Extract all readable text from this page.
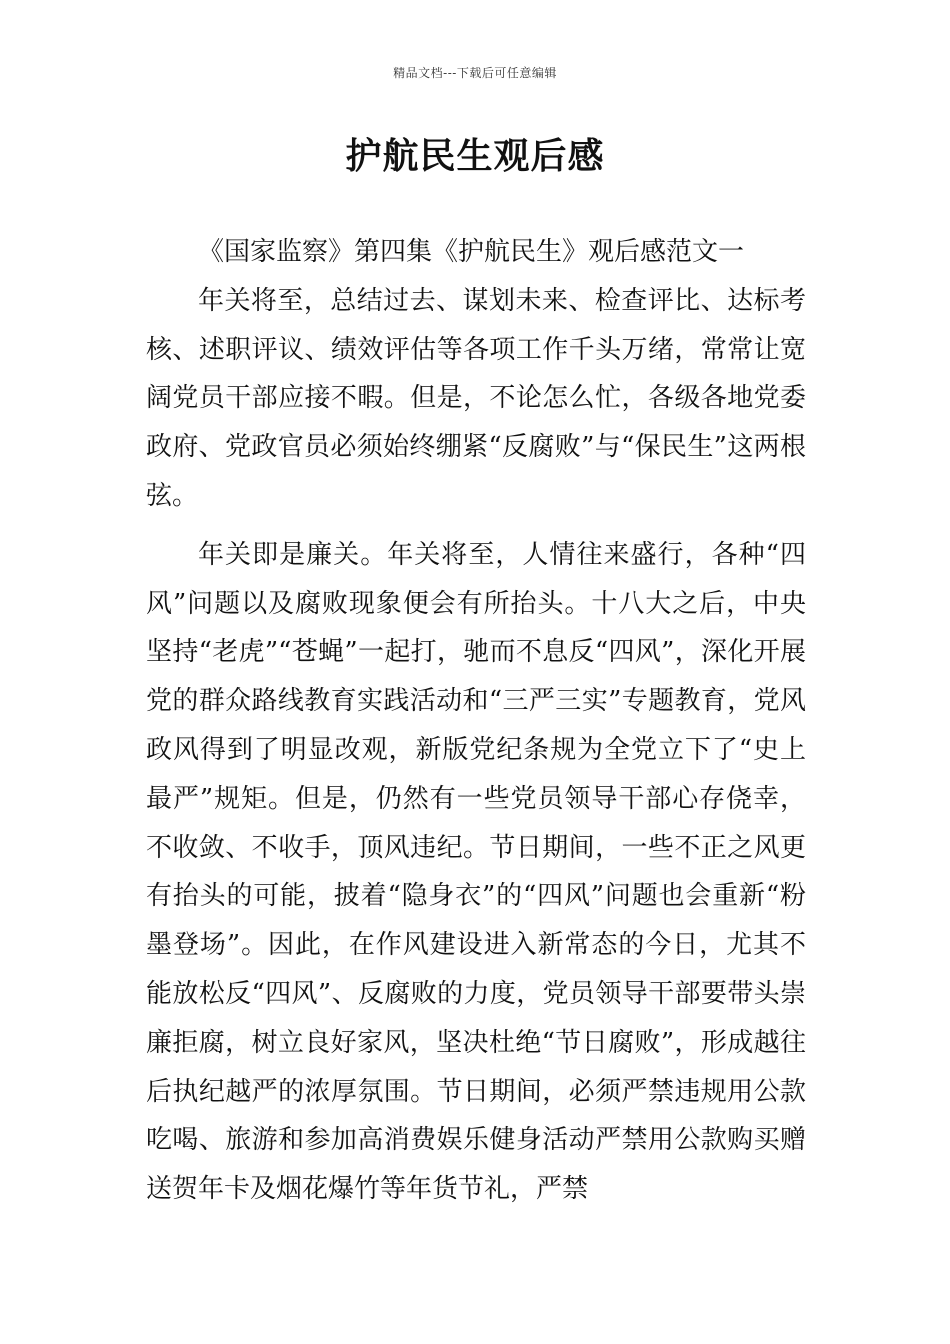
精品文档---下载后可任意编辑
护航民生观后感

《国家监察》第四集《护航民生》观后感范文一

年关将至，总结过去、谋划未来、检查评比、达标考核、述职评议、绩效评估等各项工作千头万绪，常常让宽阔党员干部应接不暇。但是，不论怎么忙，各级各地党委政府、党政官员必须始终绷紧“反腐败”与“保民生”这两根弦。

年关即是廉关。年关将至，人情往来盛行，各种“四风”问题以及腐败现象便会有所抬头。十八大之后，中央坚持“老虎”“苍蝇”一起打，驰而不息反“四风”，深化开展党的群众路线教育实践活动和“三严三实”专题教育，党风政风得到了明显改观，新版党纪条规为全党立下了“史上最严”规矩。但是，仍然有一些党员领导干部心存侥幸，不收敛、不收手，顶风违纪。节日期间，一些不正之风更有抬头的可能，披着“隐身衣”的“四风”问题也会重新“粉墨登场”。因此，在作风建设进入新常态的今日，尤其不能放松反“四风”、反腐败的力度，党员领导干部要带头崇廉拒腐，树立良好家风，坚决杜绝“节日腐败”，形成越往后执纪越严的浓厚氛围。节日期间，必须严禁违规用公款吃喝、旅游和参加高消费娱乐健身活动严禁用公款购买赠送贺年卡及烟花爆竹等年货节礼，严禁
